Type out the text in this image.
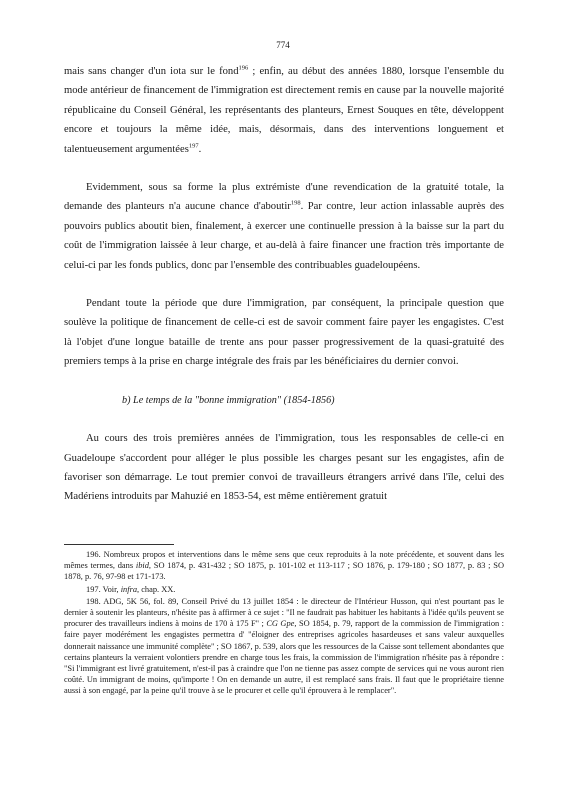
774

mais sans changer d'un iota sur le fond$^{196}$ ; enfin, au début des années 1880, lorsque l'ensemble du mode antérieur de financement de l'immigration est directement remis en cause par la nouvelle majorité républicaine du Conseil Général, les représentants des planteurs, Ernest Souques en tête, développent encore et toujours la même idée, mais, désormais, dans des interventions longuement et talentueusement argumentées$^{197}$.

Evidemment, sous sa forme la plus extrémiste d'une revendication de la gratuité totale, la demande des planteurs n'a aucune chance d'aboutir$^{198}$. Par contre, leur action inlassable auprès des pouvoirs publics aboutit bien, finalement, à exercer une continuelle pression à la baisse sur la part du coût de l'immigration laissée à leur charge, et au-delà à faire financer une fraction très importante de celui-ci par les fonds publics, donc par l'ensemble des contribuables guadeloupéens.

Pendant toute la période que dure l'immigration, par conséquent, la principale question que soulève la politique de financement de celle-ci est de savoir comment faire payer les engagistes. C'est là l'objet d'une longue bataille de trente ans pour passer progressivement de la quasi-gratuité des premiers temps à la prise en charge intégrale des frais par les bénéficiaires du dernier convoi.

b) Le temps de la "bonne immigration" (1854-1856)

Au cours des trois premières années de l'immigration, tous les responsables de celle-ci en Guadeloupe s'accordent pour alléger le plus possible les charges pesant sur les engagistes, afin de favoriser son démarrage. Le tout premier convoi de travailleurs étrangers arrivé dans l'île, celui des Madériens introduits par Mahuzié en 1853-54, est même entièrement gratuit

196. Nombreux propos et interventions dans le même sens que ceux reproduits à la note précédente, et souvent dans les mêmes termes, dans ibid, SO 1874, p. 431-432 ; SO 1875, p. 101-102 et 113-117 ; SO 1876, p. 179-180 ; SO 1877, p. 83 ; SO 1878, p. 76, 97-98 et 171-173.

197. Voir, infra, chap. XX.

198. ADG, 5K 56, fol. 89, Conseil Privé du 13 juillet 1854 : le directeur de l'Intérieur Husson, qui n'est pourtant pas le dernier à soutenir les planteurs, n'hésite pas à affirmer à ce sujet : "Il ne faudrait pas habituer les habitants à l'idée qu'ils peuvent se procurer des travailleurs indiens à moins de 170 à 175 F" ; CG Gpe, SO 1854, p. 79, rapport de la commission de l'immigration : faire payer modérément les engagistes permettra d' "éloigner des entreprises agricoles hasardeuses et sans valeur auxquelles donnerait naissance une immunité complète" ; SO 1867, p. 539, alors que les ressources de la Caisse sont tellement abondantes que certains planteurs la verraient volontiers prendre en charge tous les frais, la commission de l'immigration n'hésite pas à répondre : "Si l'immigrant est livré gratuitement, n'est-il pas à craindre que l'on ne tienne pas assez compte de services qui ne vous auront rien coûté. Un immigrant de moins, qu'importe ! On en demande un autre, il est remplacé sans frais. Il faut que le propriétaire tienne aussi à son engagé, par la peine qu'il trouve à se le procurer et celle qu'il éprouvera à le remplacer".
